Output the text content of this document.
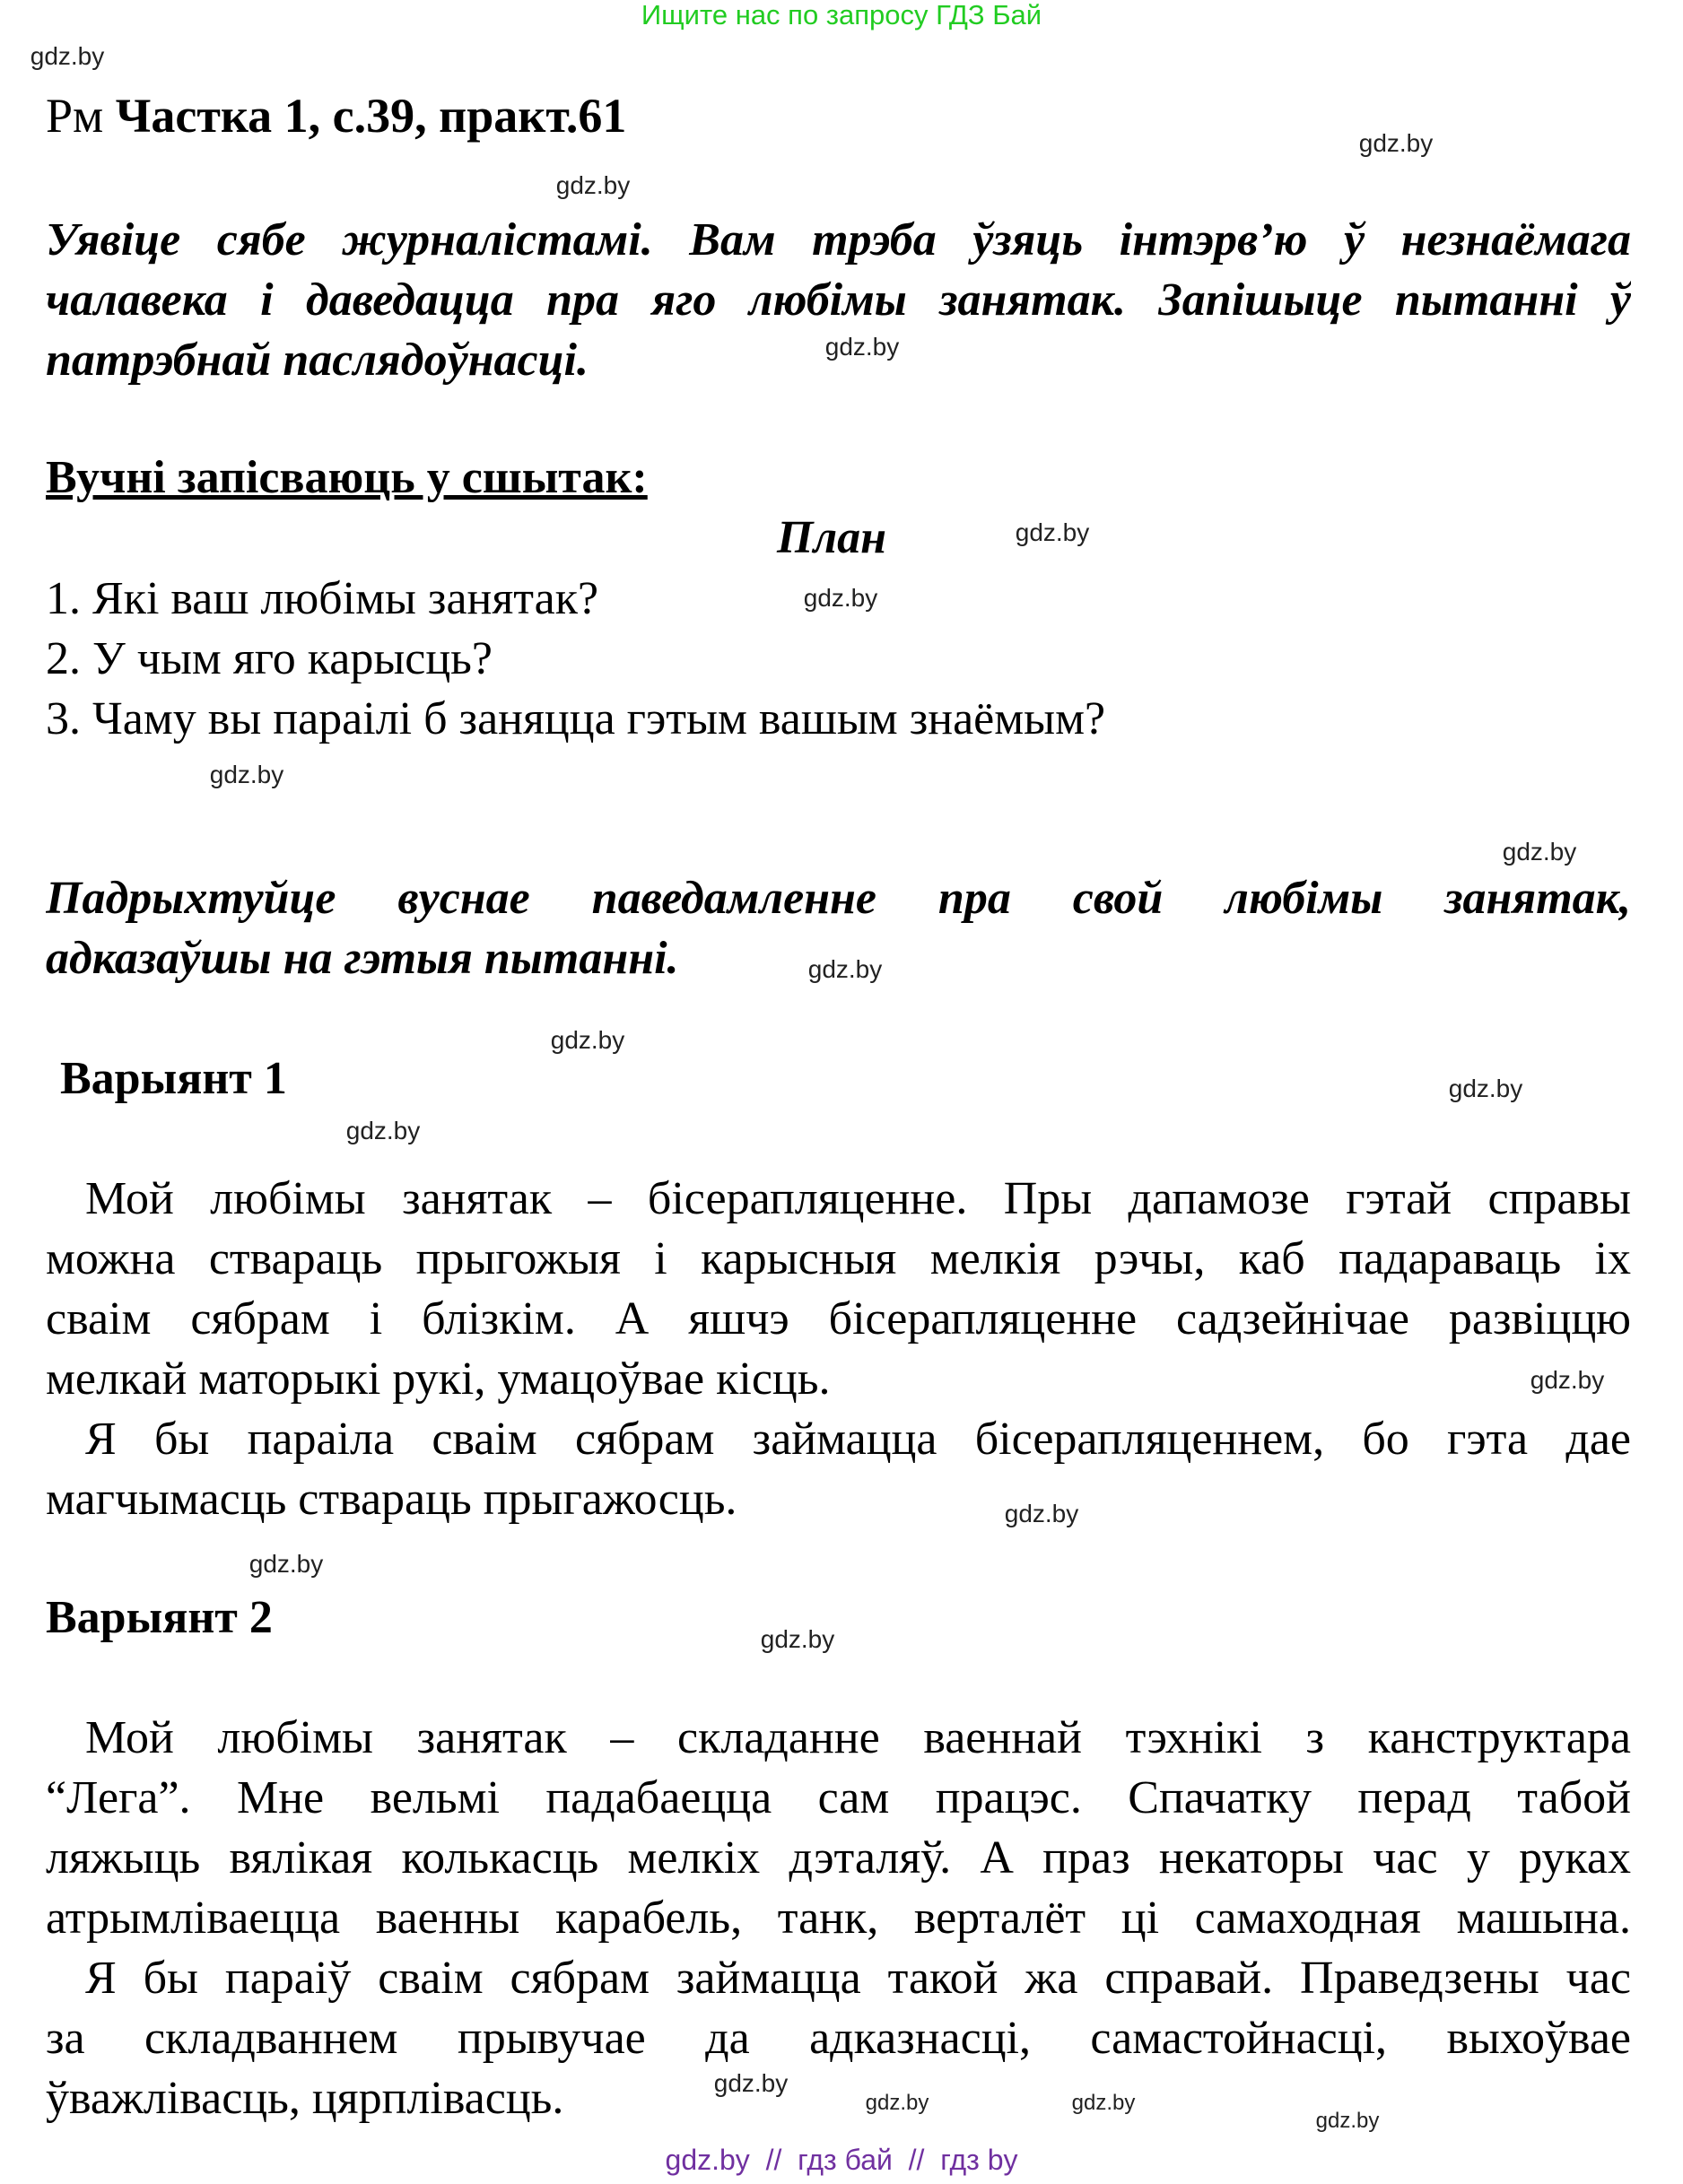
Ищите нас по запросу ГДЗ Бай
Рм Частка 1, с.39, практ.61
Уявіце сябе журналістамі. Вам трэба ўзяць інтэрв’ю ў незнаёмага
чалавека і даведацца пра яго любімы занятак. Запішыце пытанні ў
патрэбнай паслядоўнасці.
Вучні запісваюць у сшытак:
План
1. Які ваш любімы занятак?
2. У чым яго карысць?
3. Чаму вы параілі б заняцца гэтым вашым знаёмым?
Падрыхтуйце вуснае паведамленне пра свой любімы занятак,
адказаўшы на гэтыя пытанні.
Варыянт 1
Мой любімы занятак – бісерапляценне. Пры дапамозе гэтай справы
можна ствараць прыгожыя і карысныя мелкія рэчы, каб падараваць іх
сваім сябрам і блізкім. А яшчэ бісерапляценне садзейнічае развіццю
мелкай маторыкі рукі, умацоўвае кісць.
Я бы параіла сваім сябрам займацца бісерапляценнем, бо гэта дае
магчымасць ствараць прыгажосць.
Варыянт 2
Мой любімы занятак – складанне ваеннай тэхнікі з канструктара
“Лега”. Мне вельмі падабаецца сам працэс. Спачатку перад табой
ляжыць вялікая колькасць мелкіх дэталяў. А праз некаторы час у руках
атрымліваецца ваенны карабель, танк, верталёт ці самаходная машына.
Я бы параіў сваім сябрам займацца такой жа справай. Праведзены час
за складваннем прывучае да адказнасці, самастойнасці, выхоўвае
ўважлівасць, цярплівасць.
gdz.by
gdz.by
gdz.by
gdz.by
gdz.by
gdz.by
gdz.by
gdz.by
gdz.by
gdz.by
gdz.by
gdz.by
gdz.by
gdz.by
gdz.by
gdz.by
gdz.by	gdz.by
gdz.by
gdz.by
gdz.by  //  гдз бай  //  гдз by
